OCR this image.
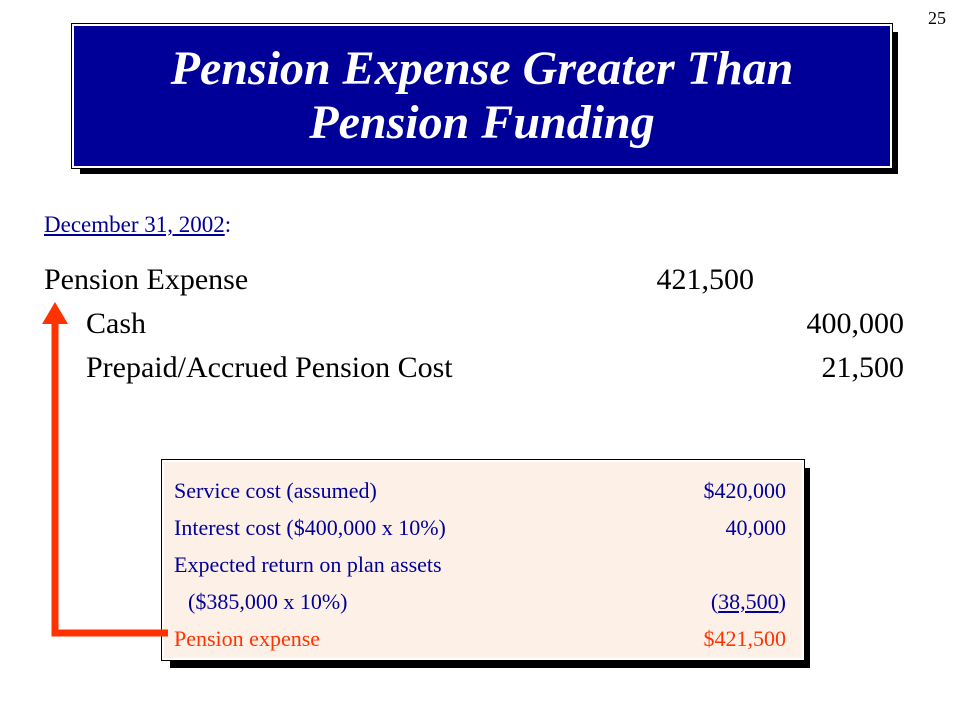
25
Pension Expense Greater Than
Pension Funding
December 31, 2002:
Pension Expense	421,500
Cash	400,000
Prepaid/Accrued Pension Cost	21,500
Service cost (assumed)	$420,000
Interest cost ($400,000 x 10%)	40,000
Expected return on plan assets
($385,000 x 10%)	(38,500)
Pension expense	$421,500
